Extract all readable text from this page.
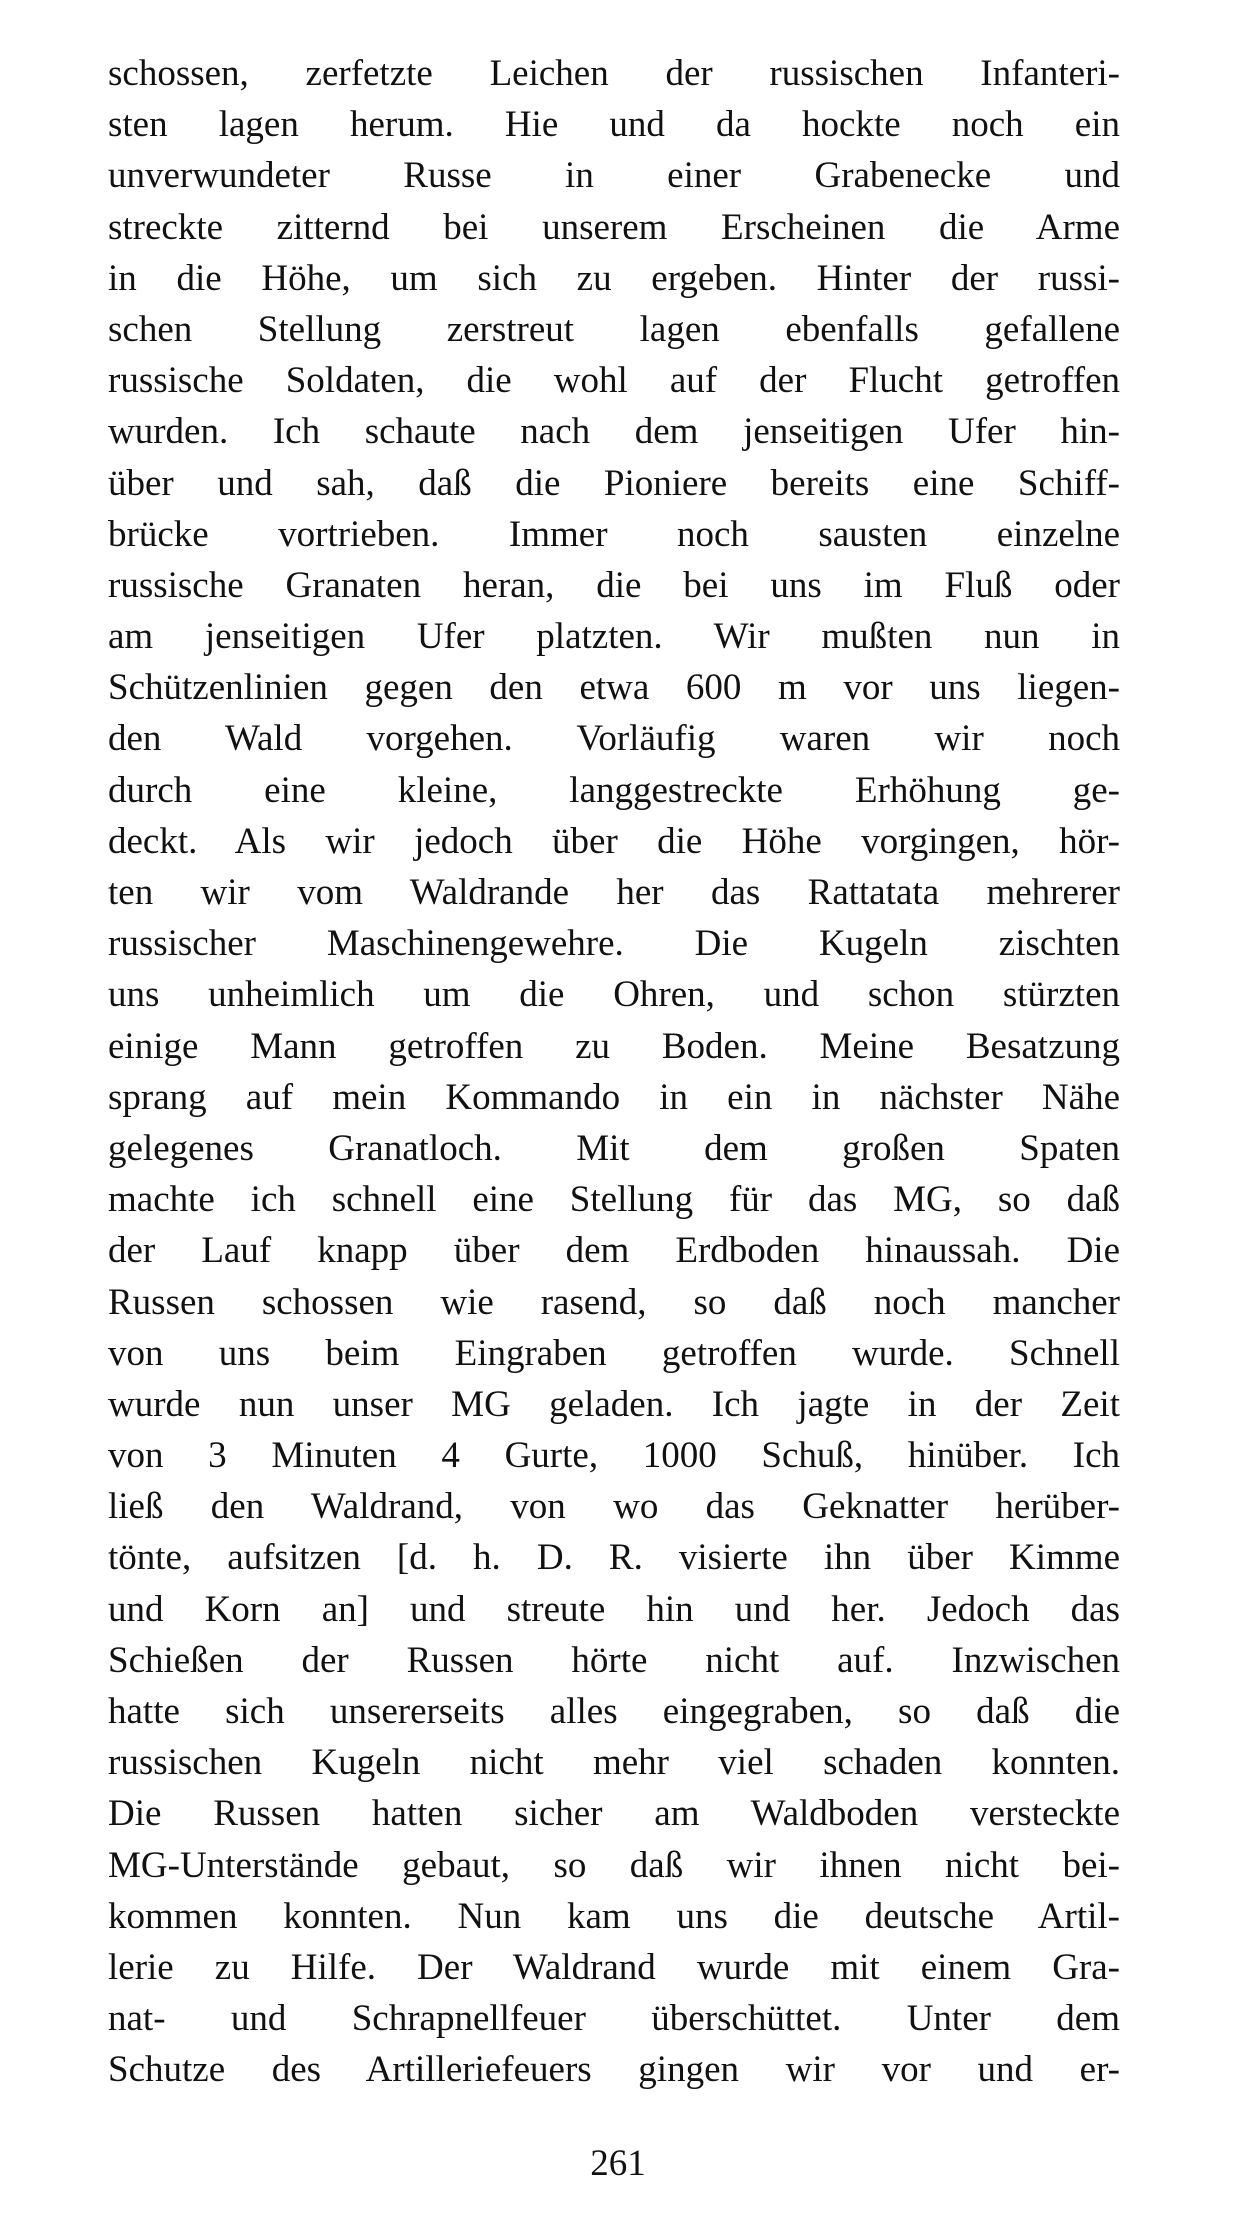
schossen, zerfetzte Leichen der russischen Infanteri-
sten lagen herum. Hie und da hockte noch ein
unverwundeter Russe in einer Grabenecke und
streckte zitternd bei unserem Erscheinen die Arme
in die Höhe, um sich zu ergeben. Hinter der russi-
schen Stellung zerstreut lagen ebenfalls gefallene
russische Soldaten, die wohl auf der Flucht getroffen
wurden. Ich schaute nach dem jenseitigen Ufer hin-
über und sah, daß die Pioniere bereits eine Schiff-
brücke vortrieben. Immer noch sausten einzelne
russische Granaten heran, die bei uns im Fluß oder
am jenseitigen Ufer platzten. Wir mußten nun in
Schützenlinien gegen den etwa 600 m vor uns liegen-
den Wald vorgehen. Vorläufig waren wir noch
durch eine kleine, langgestreckte Erhöhung ge-
deckt. Als wir jedoch über die Höhe vorgingen, hör-
ten wir vom Waldrande her das Rattatata mehrerer
russischer Maschinengewehre. Die Kugeln zischten
uns unheimlich um die Ohren, und schon stürzten
einige Mann getroffen zu Boden. Meine Besatzung
sprang auf mein Kommando in ein in nächster Nähe
gelegenes Granatloch. Mit dem großen Spaten
machte ich schnell eine Stellung für das MG, so daß
der Lauf knapp über dem Erdboden hinaussah. Die
Russen schossen wie rasend, so daß noch mancher
von uns beim Eingraben getroffen wurde. Schnell
wurde nun unser MG geladen. Ich jagte in der Zeit
von 3 Minuten 4 Gurte, 1000 Schuß, hinüber. Ich
ließ den Waldrand, von wo das Geknatter herüber-
tönte, aufsitzen [d. h. D. R. visierte ihn über Kimme
und Korn an] und streute hin und her. Jedoch das
Schießen der Russen hörte nicht auf. Inzwischen
hatte sich unsererseits alles eingegraben, so daß die
russischen Kugeln nicht mehr viel schaden konnten.
Die Russen hatten sicher am Waldboden versteckte
MG-Unterstände gebaut, so daß wir ihnen nicht bei-
kommen konnten. Nun kam uns die deutsche Artil-
lerie zu Hilfe. Der Waldrand wurde mit einem Gra-
nat- und Schrapnellfeuer überschüttet. Unter dem
Schutze des Artilleriefeuers gingen wir vor und er-

261
